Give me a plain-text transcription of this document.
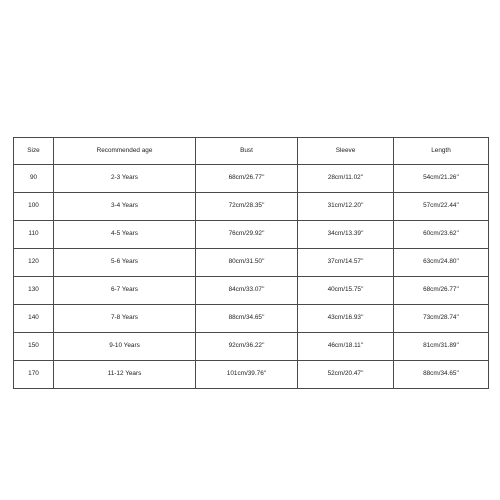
Size	Recommended age	Bust	Sleeve	Length
90	2-3 Years	68cm/26.77''	28cm/11.02''	54cm/21.26''
100	3-4 Years	72cm/28.35''	31cm/12.20''	57cm/22.44''
110	4-5 Years	76cm/29.92''	34cm/13.39''	60cm/23.62''
120	5-6 Years	80cm/31.50''	37cm/14.57''	63cm/24.80''
130	6-7 Years	84cm/33.07''	40cm/15.75''	68cm/26.77''
140	7-8 Years	88cm/34.65''	43cm/16.93''	73cm/28.74''
150	9-10 Years	92cm/36.22''	46cm/18.11''	81cm/31.89''
170	11-12 Years	101cm/39.76''	52cm/20.47''	88cm/34.65''
